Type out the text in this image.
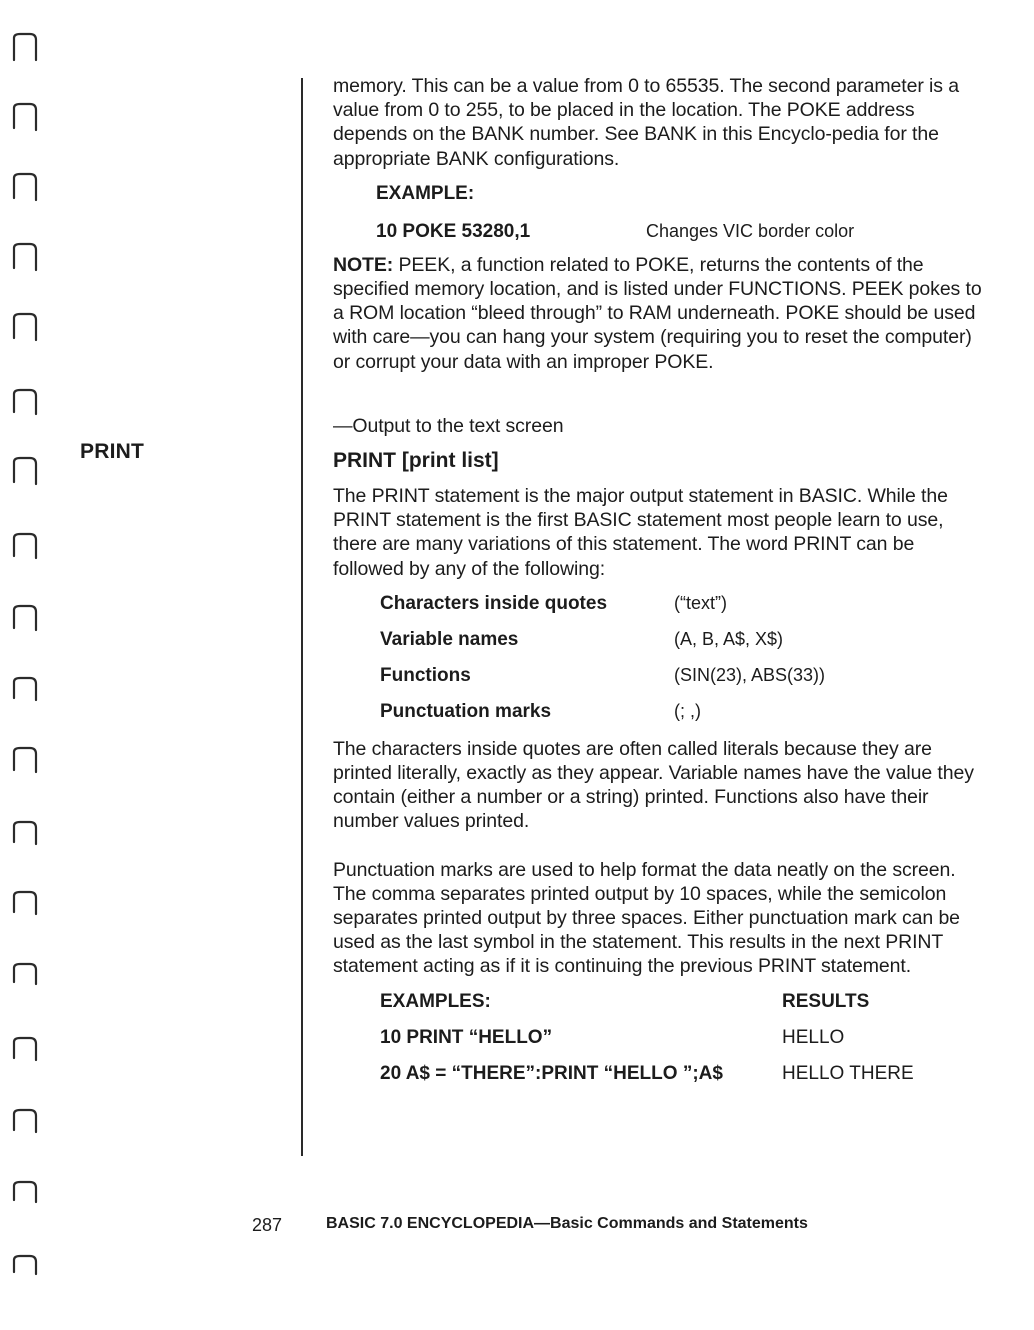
PRINT

memory. This can be a value from 0 to 65535. The second parameter is a value from 0 to 255, to be placed in the location. The POKE address depends on the BANK number. See BANK in this Encyclo-pedia for the appropriate BANK configurations.

EXAMPLE:
10 POKE 53280,1	Changes VIC border color

NOTE: PEEK, a function related to POKE, returns the contents of the specified memory location, and is listed under FUNCTIONS. PEEK pokes to a ROM location “bleed through” to RAM underneath. POKE should be used with care—you can hang your system (requiring you to reset the computer) or corrupt your data with an improper POKE.

—Output to the text screen

PRINT [print list]

The PRINT statement is the major output statement in BASIC. While the PRINT statement is the first BASIC statement most people learn to use, there are many variations of this statement. The word PRINT can be followed by any of the following:

Characters inside quotes	(“text”)
Variable names	(A, B, A$, X$)
Functions	(SIN(23), ABS(33))
Punctuation marks	(; ,)

The characters inside quotes are often called literals because they are printed literally, exactly as they appear. Variable names have the value they contain (either a number or a string) printed. Functions also have their number values printed.

Punctuation marks are used to help format the data neatly on the screen. The comma separates printed output by 10 spaces, while the semicolon separates printed output by three spaces. Either punctuation mark can be used as the last symbol in the statement. This results in the next PRINT statement acting as if it is continuing the previous PRINT statement.

EXAMPLES:	RESULTS
10 PRINT “HELLO”	HELLO
20 A$ = “THERE”:PRINT “HELLO ”;A$	HELLO THERE
287	BASIC 7.0 ENCYCLOPEDIA—Basic Commands and Statements
